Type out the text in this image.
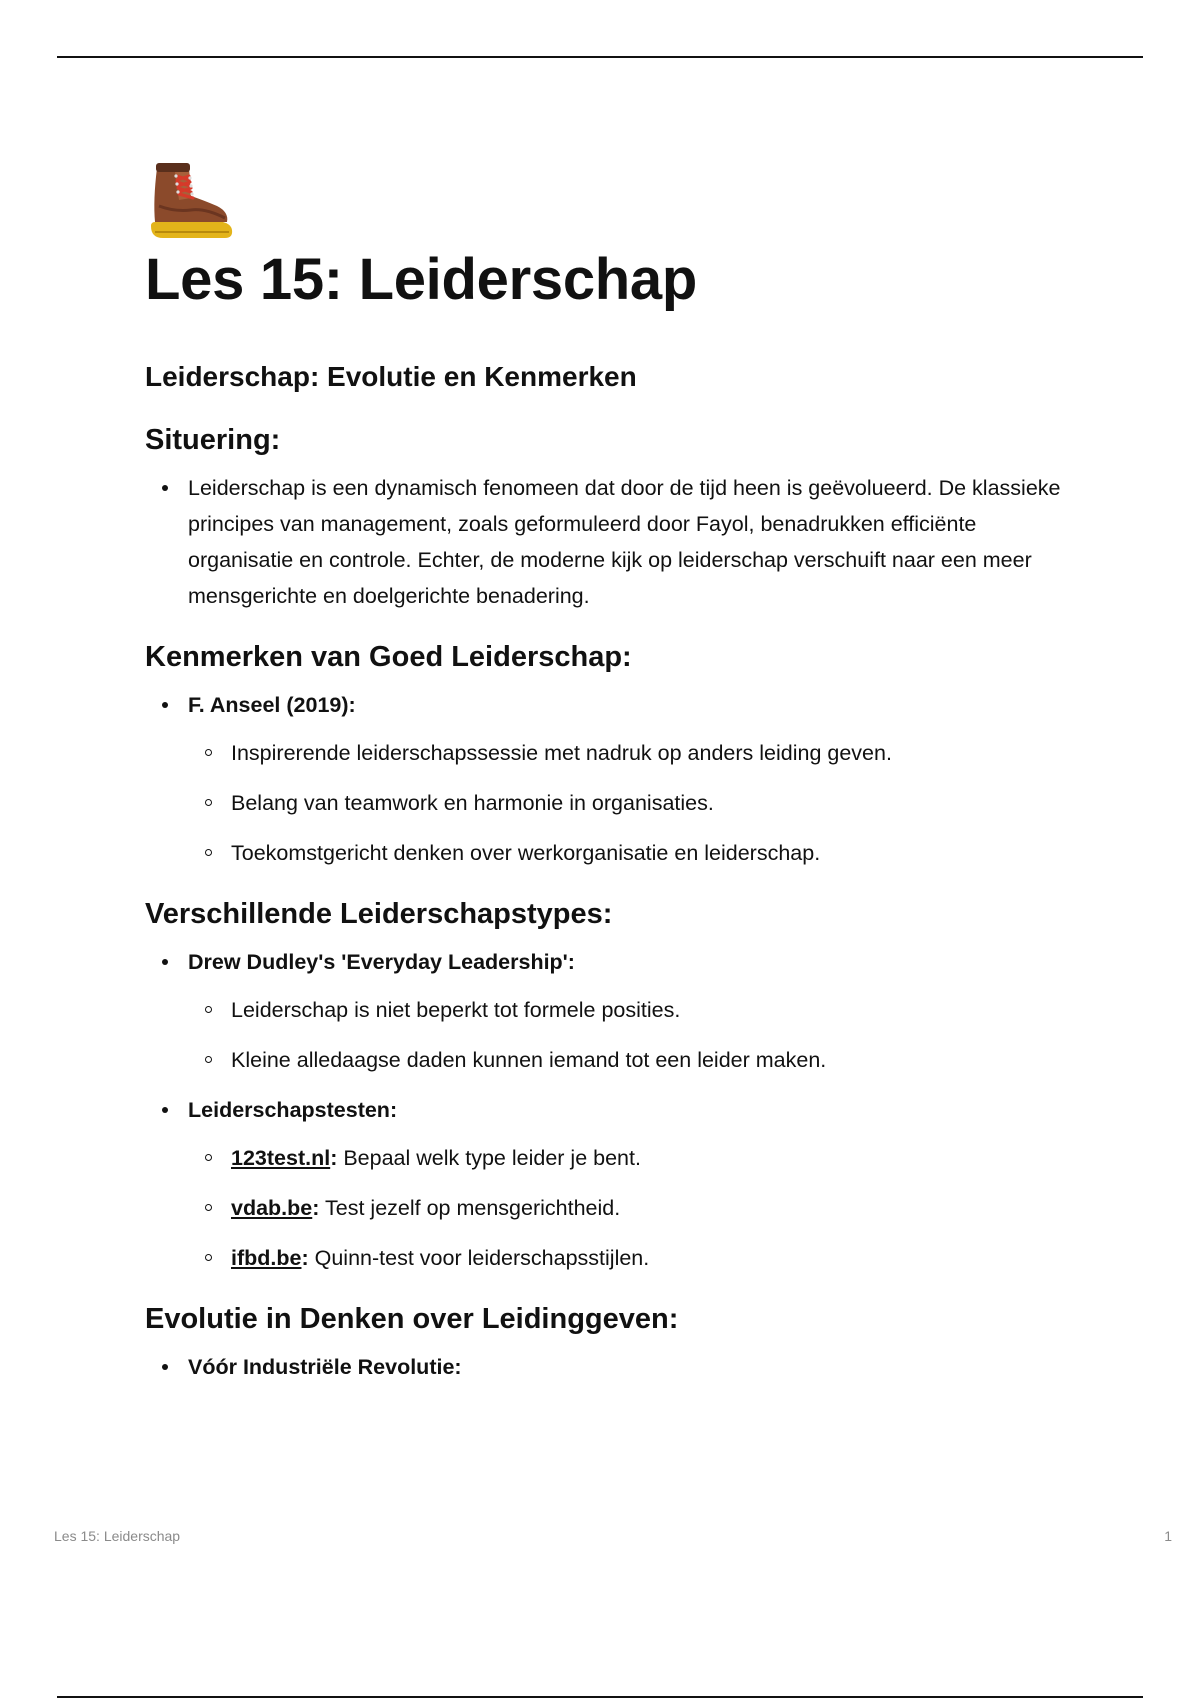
Les 15: Leiderschap
Leiderschap: Evolutie en Kenmerken
Situering:
Leiderschap is een dynamisch fenomeen dat door de tijd heen is geëvolueerd. De klassieke principes van management, zoals geformuleerd door Fayol, benadrukken efficiënte organisatie en controle. Echter, de moderne kijk op leiderschap verschuift naar een meer mensgerichte en doelgerichte benadering.
Kenmerken van Goed Leiderschap:
F. Anseel (2019):
Inspirerende leiderschapssessie met nadruk op anders leiding geven.
Belang van teamwork en harmonie in organisaties.
Toekomstgericht denken over werkorganisatie en leiderschap.
Verschillende Leiderschapstypes:
Drew Dudley's 'Everyday Leadership':
Leiderschap is niet beperkt tot formele posities.
Kleine alledaagse daden kunnen iemand tot een leider maken.
Leiderschapstesten:
123test.nl: Bepaal welk type leider je bent.
vdab.be: Test jezelf op mensgerichtheid.
ifbd.be: Quinn-test voor leiderschapsstijlen.
Evolutie in Denken over Leidinggeven:
Vóór Industriële Revolutie:
Les 15: Leiderschap	1
